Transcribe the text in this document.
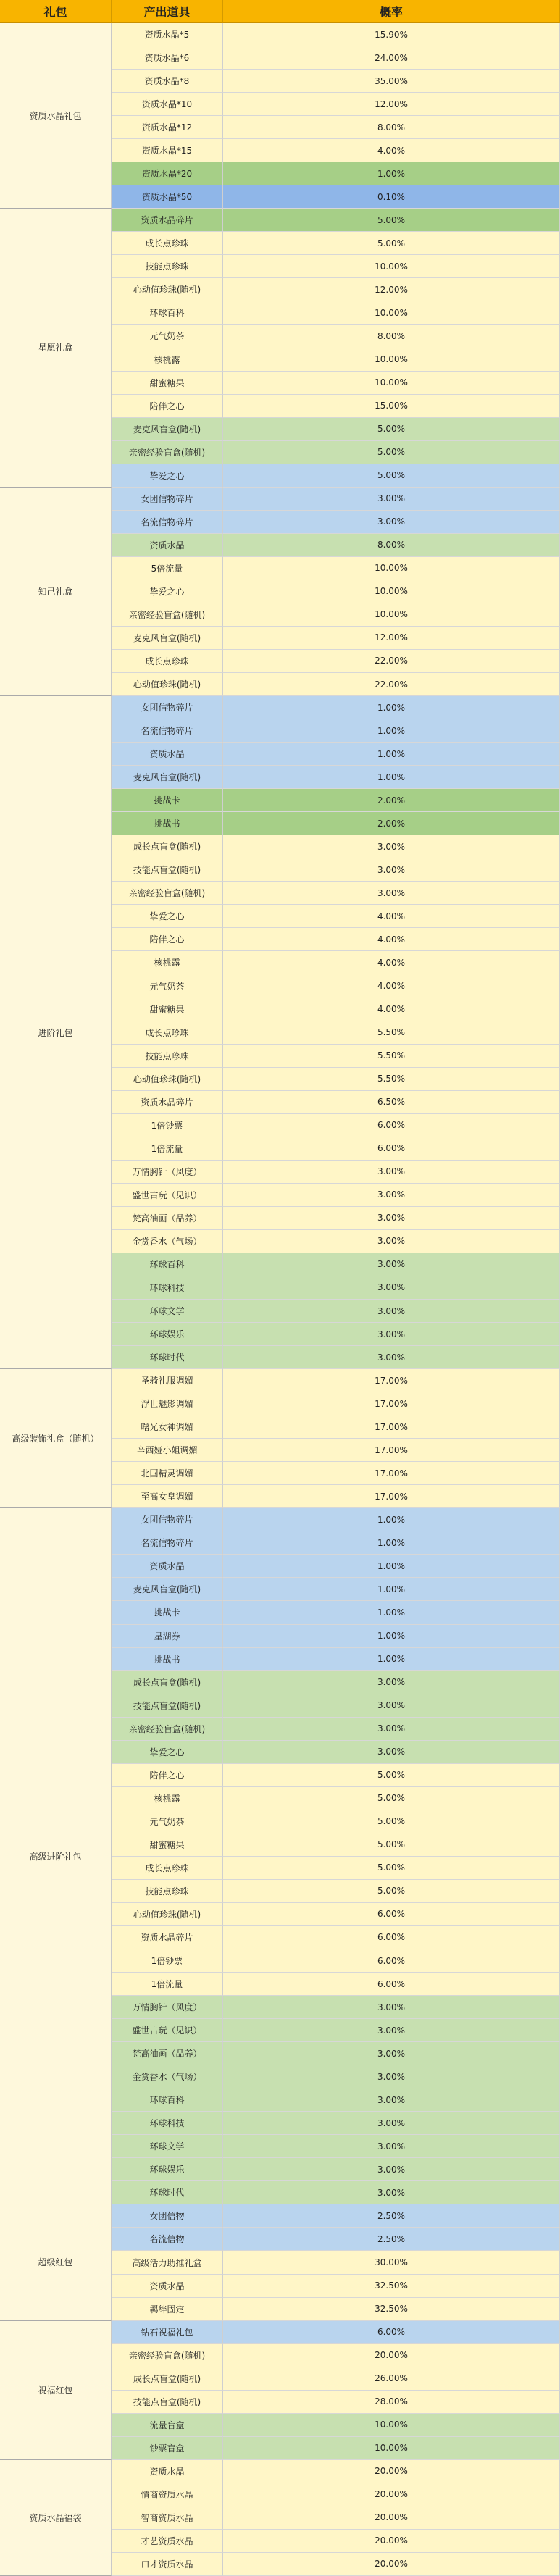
礼包	产出道具	概率
资质水晶礼包
资质水晶*5	15.90%
资质水晶*6	24.00%
资质水晶*8	35.00%
资质水晶*10	12.00%
资质水晶*12	8.00%
资质水晶*15	4.00%
资质水晶*20	1.00%
资质水晶*50	0.10%
星愿礼盒
资质水晶碎片	5.00%
成长点珍珠	5.00%
技能点珍珠	10.00%
心动值珍珠(随机)	12.00%
环球百科	10.00%
元气奶茶	8.00%
核桃露	10.00%
甜蜜糖果	10.00%
陪伴之心	15.00%
麦克风盲盒(随机)	5.00%
亲密经验盲盒(随机)	5.00%
挚爱之心	5.00%
知己礼盒
女团信物碎片	3.00%
名流信物碎片	3.00%
资质水晶	8.00%
5倍流量	10.00%
挚爱之心	10.00%
亲密经验盲盒(随机)	10.00%
麦克风盲盒(随机)	12.00%
成长点珍珠	22.00%
心动值珍珠(随机)	22.00%
进阶礼包
女团信物碎片	1.00%
名流信物碎片	1.00%
资质水晶	1.00%
麦克风盲盒(随机)	1.00%
挑战卡	2.00%
挑战书	2.00%
成长点盲盒(随机)	3.00%
技能点盲盒(随机)	3.00%
亲密经验盲盒(随机)	3.00%
挚爱之心	4.00%
陪伴之心	4.00%
核桃露	4.00%
元气奶茶	4.00%
甜蜜糖果	4.00%
成长点珍珠	5.50%
技能点珍珠	5.50%
心动值珍珠(随机)	5.50%
资质水晶碎片	6.50%
1倍钞票	6.00%
1倍流量	6.00%
万情胸针（风度）	3.00%
盛世古玩（见识）	3.00%
梵高油画（品养）	3.00%
金赏香水（气场）	3.00%
环球百科	3.00%
环球科技	3.00%
环球文学	3.00%
环球娱乐	3.00%
环球时代	3.00%
高级装饰礼盒（随机）
圣骑礼服调媚	17.00%
浮世魅影调媚	17.00%
曙光女神调媚	17.00%
辛西娅小姐调媚	17.00%
北国精灵调媚	17.00%
至高女皇调媚	17.00%
高级进阶礼包
女团信物碎片	1.00%
名流信物碎片	1.00%
资质水晶	1.00%
麦克风盲盒(随机)	1.00%
挑战卡	1.00%
星湖券	1.00%
挑战书	1.00%
成长点盲盒(随机)	3.00%
技能点盲盒(随机)	3.00%
亲密经验盲盒(随机)	3.00%
挚爱之心	3.00%
陪伴之心	5.00%
核桃露	5.00%
元气奶茶	5.00%
甜蜜糖果	5.00%
成长点珍珠	5.00%
技能点珍珠	5.00%
心动值珍珠(随机)	6.00%
资质水晶碎片	6.00%
1倍钞票	6.00%
1倍流量	6.00%
万情胸针（风度）	3.00%
盛世古玩（见识）	3.00%
梵高油画（品养）	3.00%
金赏香水（气场）	3.00%
环球百科	3.00%
环球科技	3.00%
环球文学	3.00%
环球娱乐	3.00%
环球时代	3.00%
超级红包
女团信物	2.50%
名流信物	2.50%
高级活力助推礼盒	30.00%
资质水晶	32.50%
羁绊固定	32.50%
祝福红包
钻石祝福礼包	6.00%
亲密经验盲盒(随机)	20.00%
成长点盲盒(随机)	26.00%
技能点盲盒(随机)	28.00%
流量盲盒	10.00%
钞票盲盒	10.00%
资质水晶福袋
资质水晶	20.00%
情商资质水晶	20.00%
智商资质水晶	20.00%
才艺资质水晶	20.00%
口才资质水晶	20.00%
